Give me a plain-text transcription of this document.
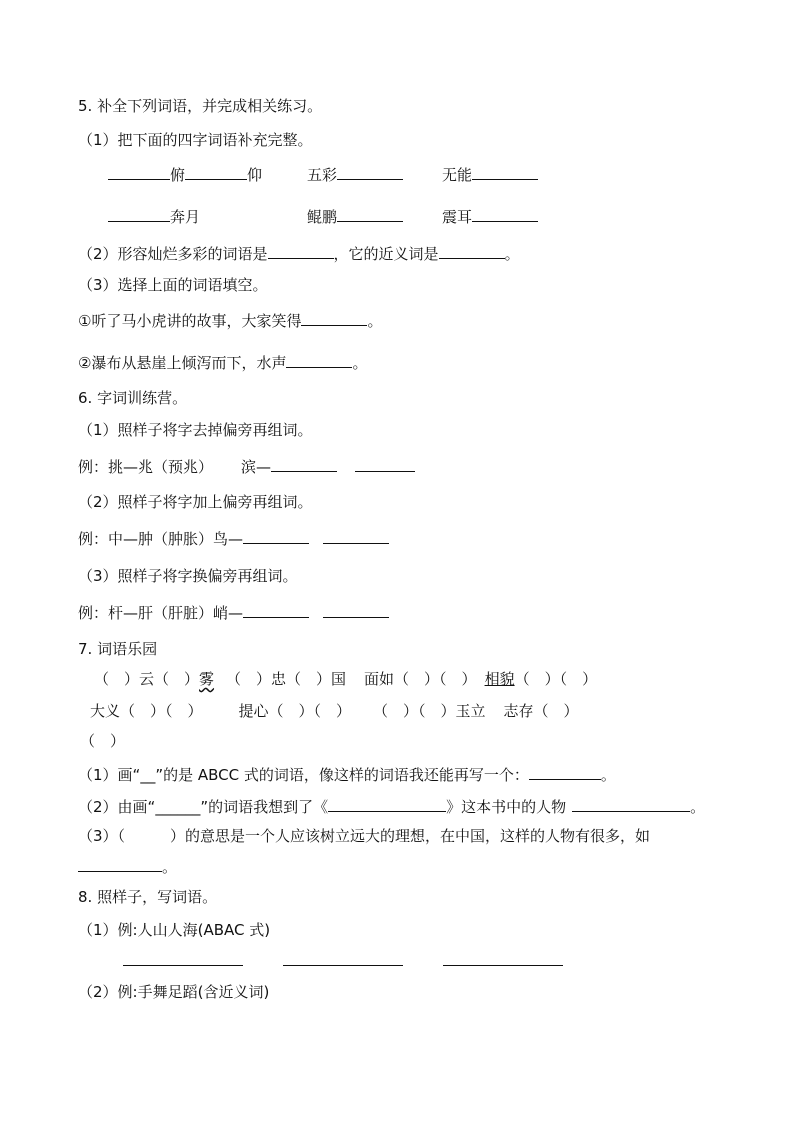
5. 补全下列词语，并完成相关练习。
（1）把下面的四字词语补充完整。
俯	仰	五彩	无能
奔月	鲲鹏	震耳
（2）形容灿烂多彩的词语是	，它的近义词是	。
（3）选择上面的词语填空。
①听了马小虎讲的故事，大家笑得	。
②瀑布从悬崖上倾泻而下，水声	。
6. 字词训练营。
（1）照样子将字去掉偏旁再组词。
例：挑—兆（预兆） 滨—
（2）照样子将字加上偏旁再组词。
例：中—肿（肿胀）鸟—
（3）照样子将字换偏旁再组词。
例：杆—肝（肝脏）峭—
7. 词语乐园
（　）云（　）雾 （　）忠（　）国 面如（　）（　） 相貌（　）（　）
大义（　）（　） 提心（　）（　） （　）（　）玉立 志存（　）
（　）
（1）画“__”的是 ABCC 式的词语，像这样的词语我还能再写一个：	。
（2）由画“______”的词语我想到了《	》这本书中的人物	。
（3）（　　　）的意思是一个人应该树立远大的理想，在中国，这样的人物有很多，如
。
8. 照样子，写词语。
（1）例:人山人海(ABAC 式)
（2）例:手舞足蹈(含近义词)
